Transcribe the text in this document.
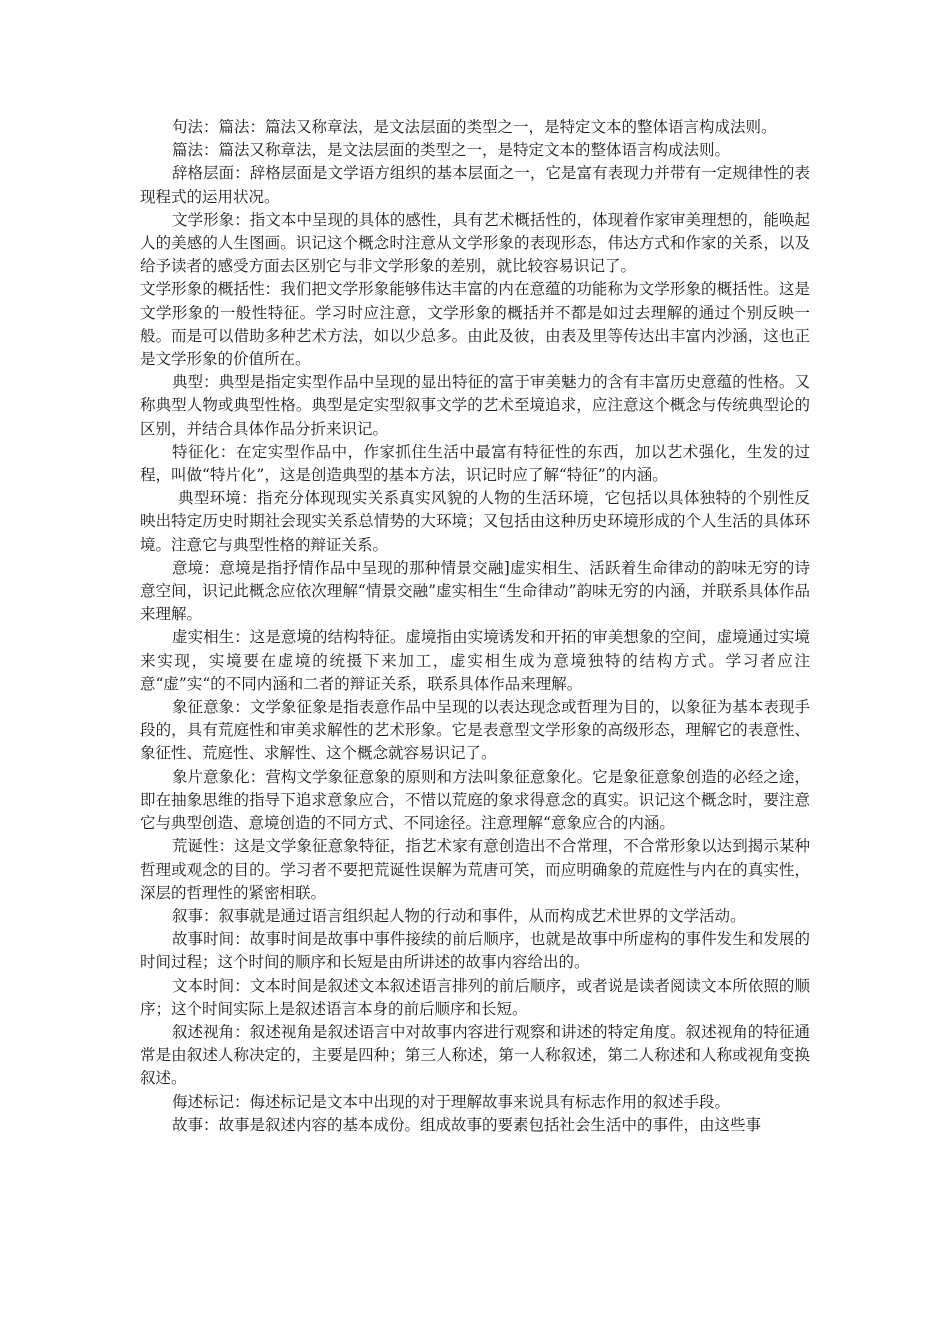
句法：篇法：篇法又称章法，是文法层面的类型之一，是特定文本的整体语言构成法则。

篇法：篇法又称章法，是文法层面的类型之一，是特定文本的整体语言构成法则。

辞格层面：辞格层面是文学语方组织的基本层面之一，它是富有表现力并带有一定规律性的表现程式的运用状况。

文学形象：指文本中呈现的具体的感性，具有艺术概括性的，体现着作家审美理想的，能唤起人的美感的人生图画。识记这个概念时注意从文学形象的表现形态，伟达方式和作家的关系，以及给予读者的感受方面去区别它与非文学形象的差别，就比较容易识记了。

文学形象的概括性：我们把文学形象能够伟达丰富的内在意蕴的功能称为文学形象的概括性。这是文学形象的一般性特征。学习时应注意，文学形象的概括并不都是如过去理解的通过个别反映一般。而是可以借助多种艺术方法，如以少总多。由此及彼，由表及里等传达出丰富内沙涵，这也正是文学形象的价值所在。

典型：典型是指定实型作品中呈现的显出特征的富于审美魅力的含有丰富历史意蕴的性格。又称典型人物或典型性格。典型是定实型叙事文学的艺术至境追求，应注意这个概念与传统典型论的区别，并结合具体作品分折来识记。

特征化：在定实型作品中，作家抓住生活中最富有特征性的东西，加以艺术强化，生发的过程，叫做“特片化”，这是创造典型的基本方法，识记时应了解“特征”的内涵。

典型环境：指充分体现现实关系真实风貌的人物的生活环境，它包括以具体独特的个别性反映出特定历史时期社会现实关系总情势的大环境；又包括由这种历史环境形成的个人生活的具体环境。注意它与典型性格的辩证关系。

意境：意境是指抒情作品中呈现的那种情景交融]虚实相生、活跃着生命律动的韵味无穷的诗意空间，识记此概念应依次理解“情景交融”虚实相生“生命律动”韵味无穷的内涵，并联系具体作品来理解。

虚实相生：这是意境的结构特征。虚境指由实境诱发和开拓的审美想象的空间，虚境通过实境来实现，实境要在虚境的统摄下来加工，虚实相生成为意境独特的结构方式。学习者应注意“虚”实“的不同内涵和二者的辩证关系，联系具体作品来理解。

象征意象：文学象征象是指表意作品中呈现的以表达现念或哲理为目的，以象征为基本表现手段的，具有荒庭性和审美求解性的艺术形象。它是表意型文学形象的高级形态，理解它的表意性、象征性、荒庭性、求解性、这个概念就容易识记了。

象片意象化：营构文学象征意象的原则和方法叫象征意象化。它是象征意象创造的必经之途，即在抽象思维的指导下追求意象应合，不惜以荒庭的象求得意念的真实。识记这个概念时，要注意它与典型创造、意境创造的不同方式、不同途径。注意理解“意象应合的内涵。

荒诞性：这是文学象征意象特征，指艺术家有意创造出不合常理，不合常形象以达到揭示某种哲理或观念的目的。学习者不要把荒诞性误解为荒唐可笑，而应明确象的荒庭性与内在的真实性，深层的哲理性的紧密相联。

叙事：叙事就是通过语言组织起人物的行动和事件，从而构成艺术世界的文学活动。

故事时间：故事时间是故事中事件接续的前后顺序，也就是故事中所虚构的事件发生和发展的时间过程；这个时间的顺序和长短是由所讲述的故事内容给出的。

文本时间：文本时间是叙述文本叙述语言排列的前后顺序，或者说是读者阅读文本所依照的顺序；这个时间实际上是叙述语言本身的前后顺序和长短。

叙述视角：叙述视角是叙述语言中对故事内容进行观察和讲述的特定角度。叙述视角的特征通常是由叙述人称决定的，主要是四种；第三人称述，第一人称叙述，第二人称述和人称或视角变换叙述。

侮述标记：侮述标记是文本中出现的对于理解故事来说具有标志作用的叙述手段。

故事：故事是叙述内容的基本成份。组成故事的要素包括社会生活中的事件，由这些事
